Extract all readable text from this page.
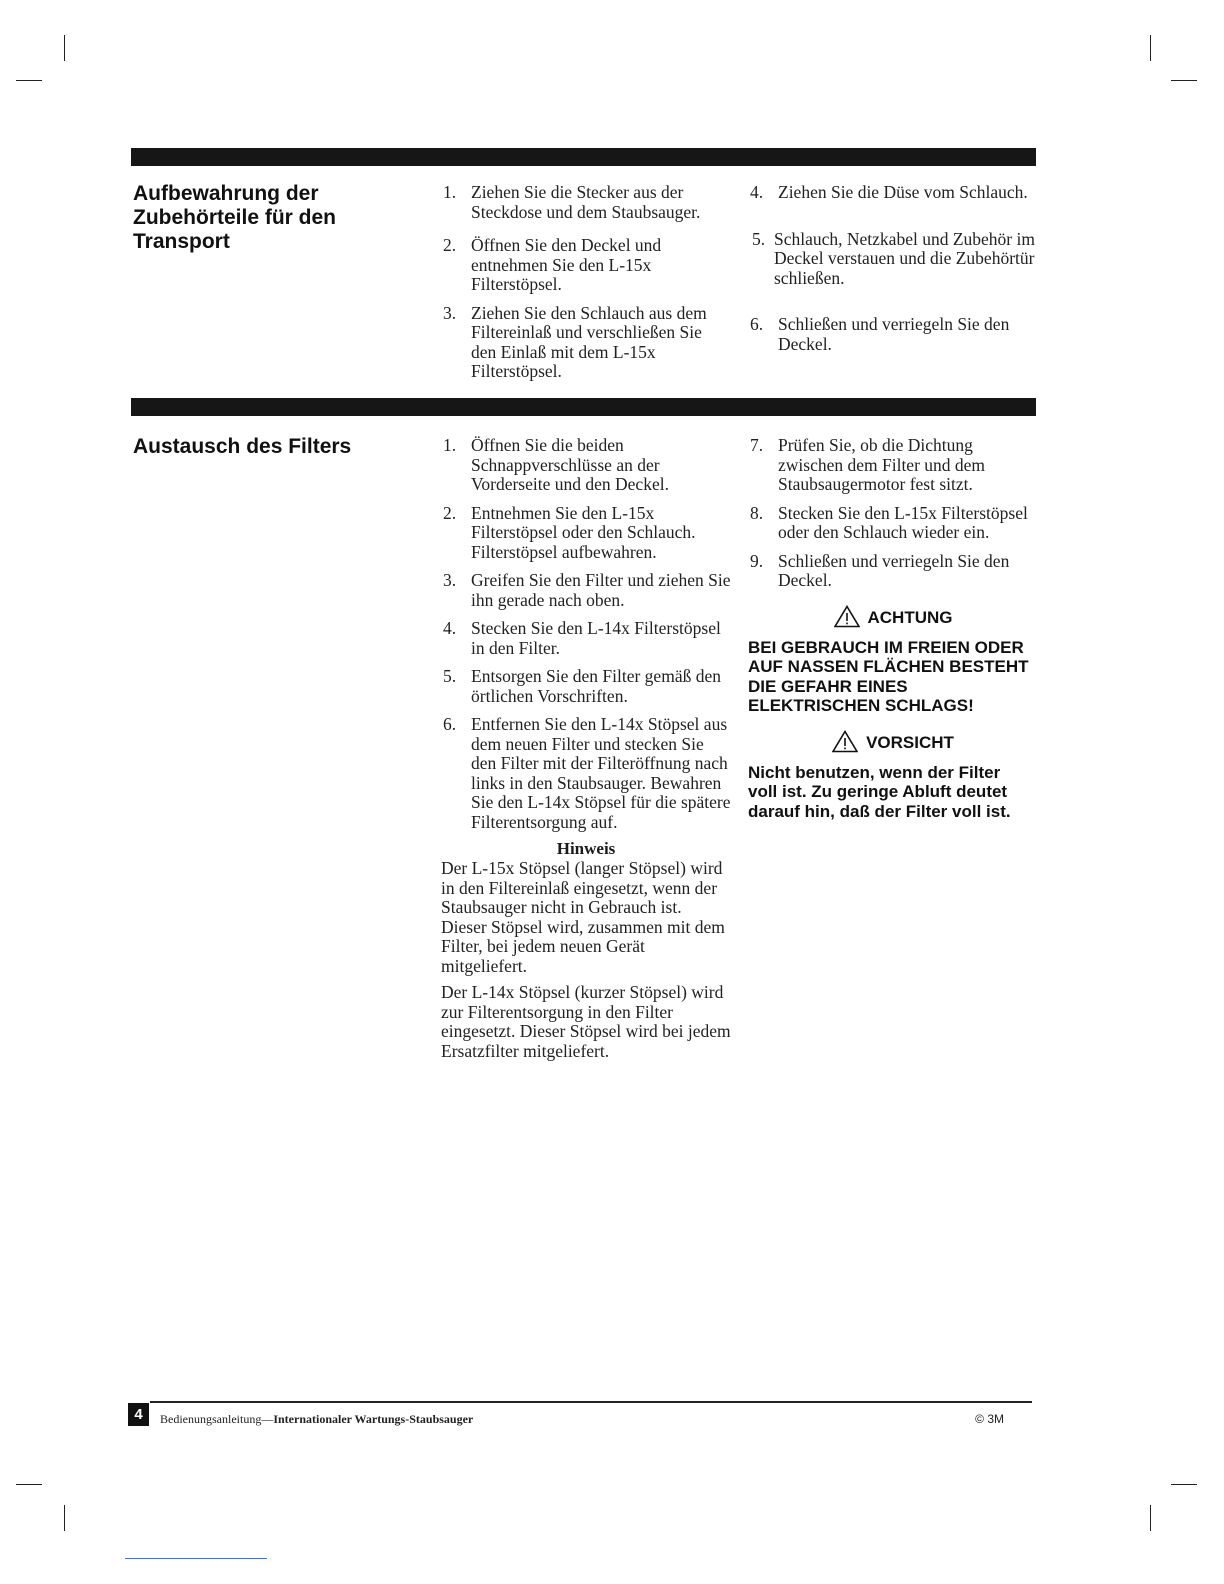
Aufbewahrung der Zubehörteile für den Transport
1. Ziehen Sie die Stecker aus der Steckdose und dem Staubsauger.
2. Öffnen Sie den Deckel und entnehmen Sie den L-15x Filterstöpsel.
3. Ziehen Sie den Schlauch aus dem Filtereinlaß und verschließen Sie den Einlaß mit dem L-15x Filterstöpsel.
4. Ziehen Sie die Düse vom Schlauch.
5. Schlauch, Netzkabel und Zubehör im Deckel verstauen und die Zubehörtür schließen.
6. Schließen und verriegeln Sie den Deckel.
Austausch des Filters	1. Öffnen Sie die beiden Schnappverschlüsse an der Vorderseite und den Deckel.
2. Entnehmen Sie den L-15x Filterstöpsel oder den Schlauch. Filterstöpsel aufbewahren.
3. Greifen Sie den Filter und ziehen Sie ihn gerade nach oben.
4. Stecken Sie den L-14x Filterstöpsel in den Filter.
5. Entsorgen Sie den Filter gemäß den örtlichen Vorschriften.
6. Entfernen Sie den L-14x Stöpsel aus dem neuen Filter und stecken Sie den Filter mit der Filteröffnung nach links in den Staubsauger. Bewahren Sie den L-14x Stöpsel für die spätere Filterentsorgung auf.
Hinweis

Der L-15x Stöpsel (langer Stöpsel) wird in den Filtereinlaß eingesetzt, wenn der Staubsauger nicht in Gebrauch ist. Dieser Stöpsel wird, zusammen mit dem Filter, bei jedem neuen Gerät mitgeliefert.

Der L-14x Stöpsel (kurzer Stöpsel) wird zur Filterentsorgung in den Filter eingesetzt. Dieser Stöpsel wird bei jedem Ersatzfilter mitgeliefert.

7. Prüfen Sie, ob die Dichtung zwischen dem Filter und dem Staubsaugermotor fest sitzt.
8. Stecken Sie den L-15x Filterstöpsel oder den Schlauch wieder ein.
9. Schließen und verriegeln Sie den Deckel.
ACHTUNG

BEI GEBRAUCH IM FREIEN ODER AUF NASSEN FLÄCHEN BESTEHT DIE GEFAHR EINES ELEKTRISCHEN SCHLAGS!

VORSICHT

Nicht benutzen, wenn der Filter voll ist. Zu geringe Abluft deutet darauf hin, daß der Filter voll ist.

4	Bedienungsanleitung—Internationaler Wartungs-Staubsauger	© 3M
